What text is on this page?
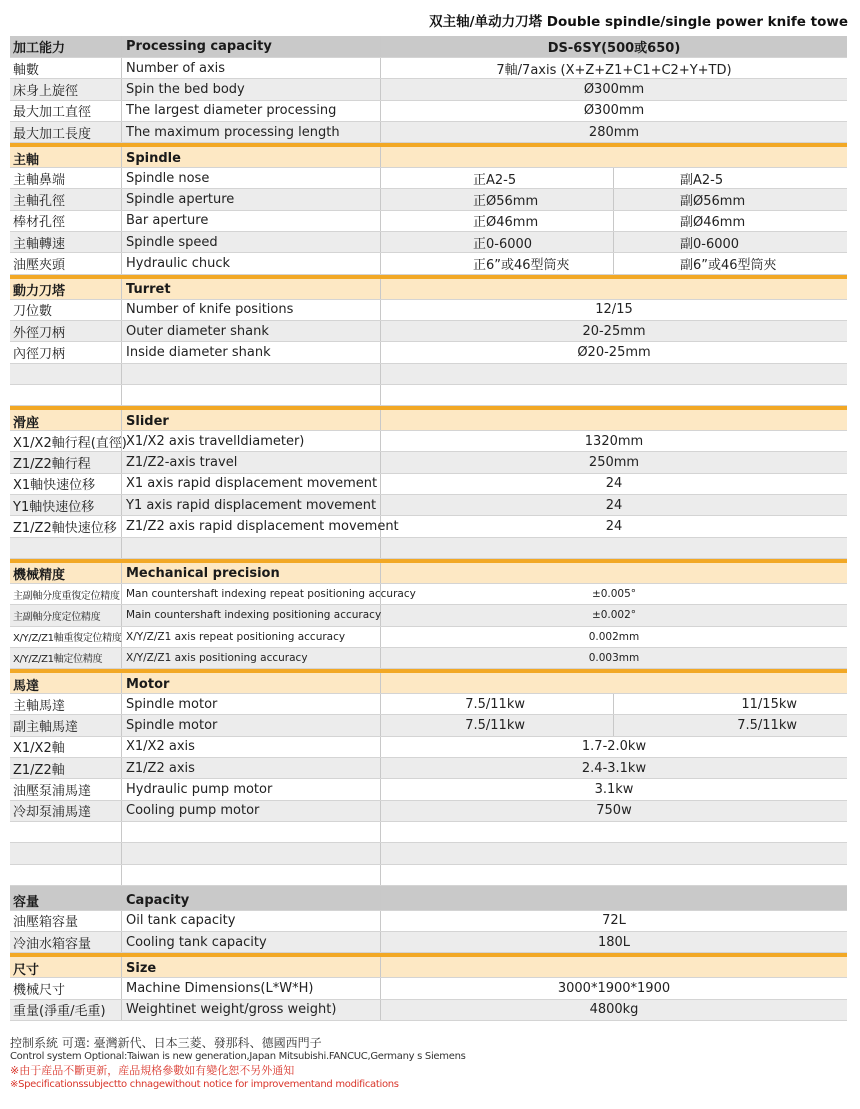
双主轴/单动力刀塔 Double spindle/single power knife towe
加工能力	Processing capacity	DS-6SY(500或650)
軸數	Number of axis	7軸/7axis (X+Z+Z1+C1+C2+Y+TD)
床身上旋徑	Spin the bed body	Ø300mm
最大加工直徑	The largest diameter processing	Ø300mm
最大加工長度	The maximum processing length	280mm
主軸	Spindle
主軸鼻端	Spindle nose	正A2-5	副A2-5
主軸孔徑	Spindle aperture	正Ø56mm	副Ø56mm
棒材孔徑	Bar aperture	正Ø46mm	副Ø46mm
主軸轉速	Spindle speed	正0-6000	副0-6000
油壓夾頭	Hydraulic chuck	正6”或46型筒夾	副6”或46型筒夾
動力刀塔	Turret
刀位數	Number of knife positions	12/15
外徑刀柄	Outer diameter shank	20-25mm
內徑刀柄	Inside diameter shank	Ø20-25mm
滑座	Slider
X1/X2軸行程(直徑) X1/X2 axis travelldiameter)	1320mm
Z1/Z2軸行程	Z1/Z2-axis travel	250mm
X1軸快速位移	X1 axis rapid displacement movement	24
Y1軸快速位移	Y1 axis rapid displacement movement	24
Z1/Z2軸快速位移 Z1/Z2 axis rapid displacement movement	24
機械精度	Mechanical precision
主副軸分度重復定位精度 Man countershaft indexing repeat positioning accuracy	±0.005°
主副軸分度定位精度	Main countershaft indexing positioning accuracy	±0.002°
X/Y/Z/Z1軸重復定位精度 X/Y/Z/Z1 axis repeat positioning accuracy	0.002mm
X/Y/Z/Z1軸定位精度	X/Y/Z/Z1 axis positioning accuracy	0.003mm
馬達	Motor
主軸馬達	Spindle motor	7.5/11kw	11/15kw
副主軸馬達	Spindle motor	7.5/11kw	7.5/11kw
X1/X2軸	X1/X2 axis	1.7-2.0kw
Z1/Z2軸	Z1/Z2 axis	2.4-3.1kw
油壓泵浦馬達	Hydraulic pump motor	3.1kw
冷却泵浦馬達	Cooling pump motor	750w
容量	Capacity
油壓箱容量	Oil tank capacity	72L
冷油水箱容量	Cooling tank capacity	180L
尺寸	Size
機械尺寸	Machine Dimensions(L*W*H)	3000*1900*1900
重量(淨重/毛重)	Weightinet weight/gross weight)	4800kg
控制系統 可選: 臺灣新代、日本三菱、發那科、德國西門子
Control system Optional:Taiwan is new generation,Japan Mitsubishi.FANCUC,Germany s Siemens
※由于産品不斷更新，産品規格參數如有變化恕不另外通知
※Specificationssubjectto chnagewithout notice for improvementand modifications
